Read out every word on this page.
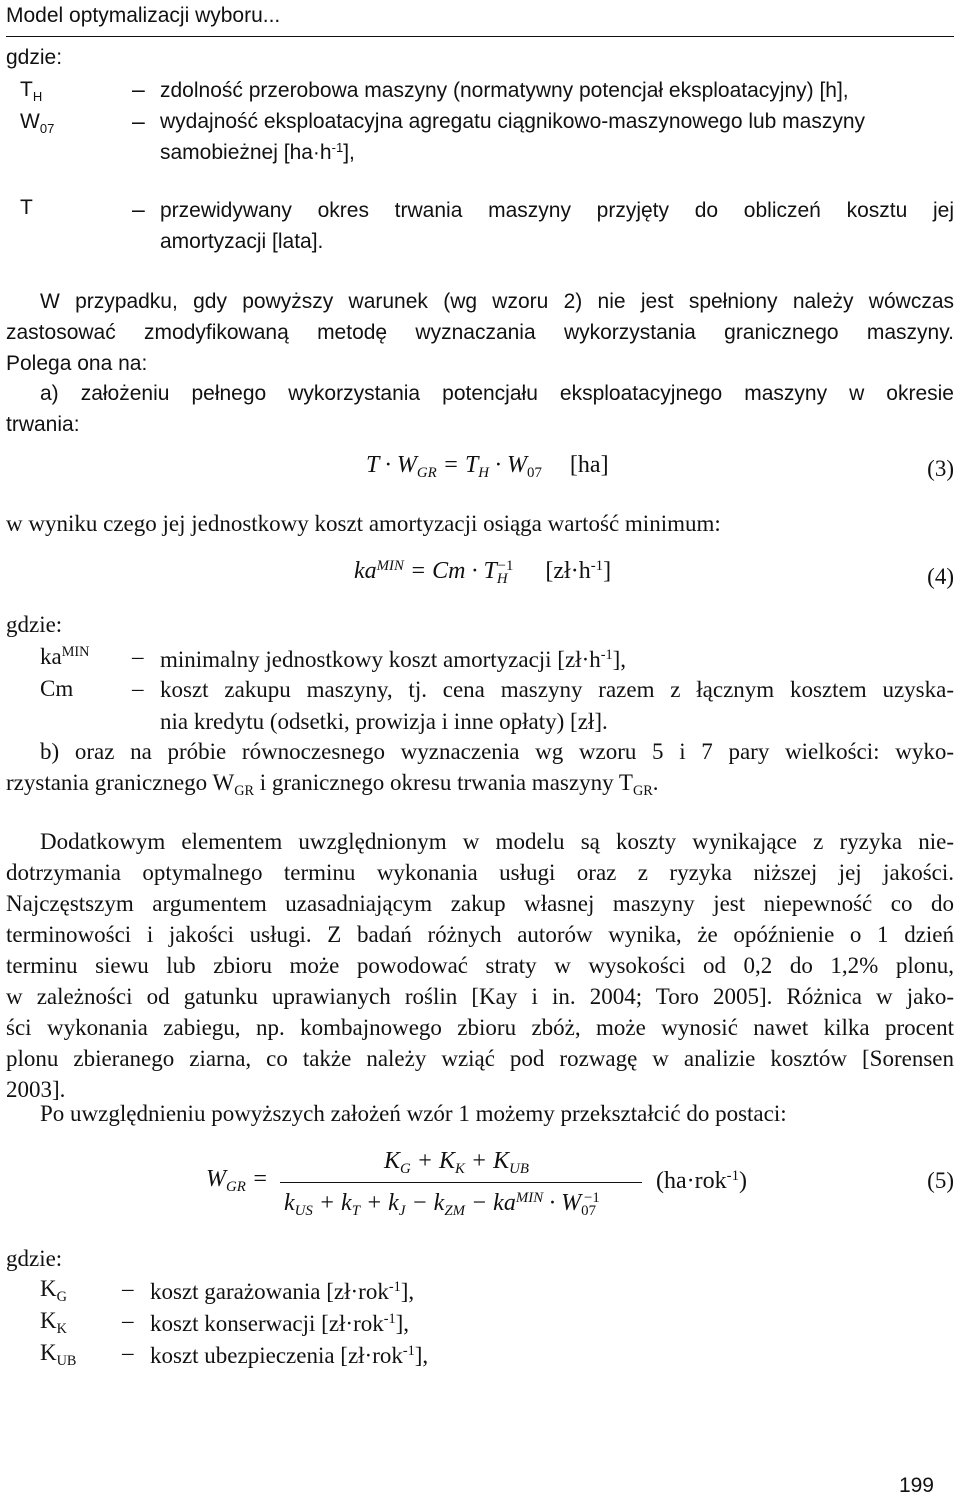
Model optymalizacji wyboru...
gdzie:
$T_H$	– zdolność przerobowa maszyny (normatywny potencjał eksploatacyjny) [h],
$W_{07}$	– wydajność eksploatacyjna agregatu ciągnikowo-maszynowego lub maszyny
samobieżnej $[ha\cdot h^{-1}]$,
T	– przewidywany okres trwania maszyny przyjęty do obliczeń kosztu jej
amortyzacji [lata].
W przypadku, gdy powyższy warunek (wg wzoru 2) nie jest spełniony należy wówczas
zastosować zmodyfikowaną metodę wyznaczania wykorzystania granicznego maszyny.
Polega ona na:
a) założeniu pełnego wykorzystania potencjału eksploatacyjnego maszyny w okresie
trwania:
$T \cdot W_{GR} = T_H \cdot W_{07}$ [ha]	(3)
w wyniku czego jej jednostkowy koszt amortyzacji osiąga wartość minimum:
$ka^{MIN} = Cm \cdot T_H^{-1}$ $[zł\cdot h^{-1}]$	(4)
gdzie:
$ka^{MIN}$ – minimalny jednostkowy koszt amortyzacji $[zł\cdot h^{-1}]$,
Cm	– koszt zakupu maszyny, tj. cena maszyny razem z łącznym kosztem uzyska-
nia kredytu (odsetki, prowizja i inne opłaty) [zł].
b) oraz na próbie równoczesnego wyznaczenia wg wzoru 5 i 7 pary wielkości: wyko-
rzystania granicznego $W_{GR}$ i granicznego okresu trwania maszyny $T_{GR}$.
Dodatkowym elementem uwzględnionym w modelu są koszty wynikające z ryzyka nie-
dotrzymania optymalnego terminu wykonania usługi oraz z ryzyka niższej jej jakości.
Najczęstszym argumentem uzasadniającym zakup własnej maszyny jest niepewność co do
terminowości i jakości usługi. Z badań różnych autorów wynika, że opóźnienie o 1 dzień
terminu siewu lub zbioru może powodować straty w wysokości od 0,2 do 1,2% plonu,
w zależności od gatunku uprawianych roślin [Kay i in. 2004; Toro 2005]. Różnica w jako-
ści wykonania zabiegu, np. kombajnowego zbioru zbóż, może wynosić nawet kilka procent
plonu zbieranego ziarna, co także należy wziąć pod rozwagę w analizie kosztów [Sorensen
2003].
Po uwzględnieniu powyższych założeń wzór 1 możemy przekształcić do postaci:
$W_{GR}$ =
$K_G + K_K + K_{UB}$
$k_{US} + k_T + k_J - k_{ZM} - ka^{MIN} \cdot W_{07}^{-1}$
(ha·rok$^{-1}$)	(5)
gdzie:
$K_G$ – koszt garażowania [zł·rok$^{-1}$],
$K_K$ – koszt konserwacji [zł·rok$^{-1}$],
$K_{UB}$ – koszt ubezpieczenia [zł·rok$^{-1}$],
199
